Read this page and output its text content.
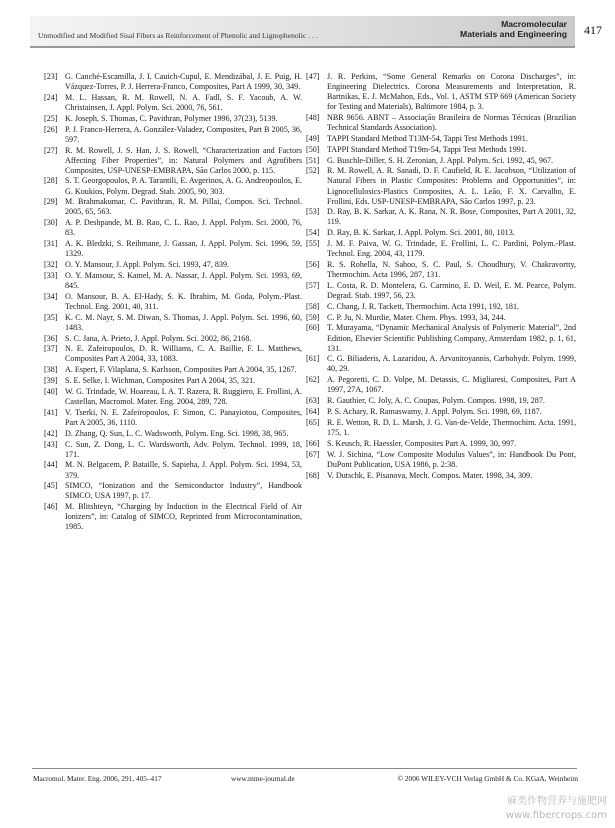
Unmodified and Modified Sisal Fibers as Reinforcement of Phenolic and Lignophenolic . . .
Macromolecular
Materials and Engineering 417
[23] G. Canché-Escamilla, J. I. Cauich-Cupul, E. Mendizábal, J. E. Puig, H. Vázquez-Torres, P. J. Herrera-Franco, Composites, Part A 1999, 30, 349.
[24] M. L. Hassan, R. M. Rowell, N. A. Fadl, S. F. Yacoub, A. W. Christainsen, J. Appl. Polym. Sci. 2000, 76, 561.
[25] K. Joseph, S. Thomas, C. Pavithran, Polymer 1996, 37(23), 5139.
[26] P. J. Franco-Herrera, A. González-Valadez, Composites, Part B 2005, 36, 597.
[27] R. M. Rowell, J. S. Han, J. S. Rowell, “Characterization and Factors Affecting Fiber Properties”, in: Natural Polymers and Agrofibers Composites, USP-UNESP-EMBRAPA, São Carlos 2000, p. 115.
[28] S. T. Georgopoulos, P. A. Tarantili, E. Avgerinos, A. G. Andreopoulos, E. G. Koukios, Polym. Degrad. Stab. 2005, 90, 303.
[29] M. Brahmakumar, C. Pavithran, R. M. Pillai, Compos. Sci. Technol. 2005, 65, 563.
[30] A. P. Deshpande, M. B. Rao, C. L. Rao, J. Appl. Polym. Sci. 2000, 76, 83.
[31] A. K. Bledzki, S. Reihmane, J. Gassan, J. Appl. Polym. Sci. 1996, 59, 1329.
[32] O. Y. Mansour, J. Appl. Polym. Sci. 1993, 47, 839.
[33] O. Y. Mansour, S. Kamel, M. A. Nassar, J. Appl. Polym. Sci. 1993, 69, 845.
[34] O. Mansour, B. A. El-Hady, S. K. Ibrahim, M. Goda, Polym.-Plast. Technol. Eng. 2001, 40, 311.
[35] K. C. M. Nayr, S. M. Diwan, S. Thomas, J. Appl. Polym. Sci. 1996, 60, 1483.
[36] S. C. Jana, A. Prieto, J. Appl. Polym. Sci. 2002, 86, 2168.
[37] N. E. Zafeiropoulos, D. R. Williams, C. A. Baillie, F. L. Matthews, Composites Part A 2004, 33, 1083.
[38] A. Espert, F. Vilaplana, S. Karlsson, Composites Part A 2004, 35, 1267.
[39] S. E. Selke, I. Wichman, Composites Part A 2004, 35, 321.
[40] W. G. Trindade, W. Hoareau, I. A. T. Razera, R. Ruggiero, E. Frollini, A. Castellan, Macromol. Mater. Eng. 2004, 289, 728.
[41] V. Tserki, N. E. Zafeiropoulos, F. Simon, C. Panayiotou, Composites, Part A 2005, 36, 1110.
[42] D. Zhang, Q. Sun, L. C. Wadsworth, Polym. Eng. Sci. 1998, 38, 965.
[43] C. Sun, Z. Dong, L. C. Wardsworth, Adv. Polym. Technol. 1999, 18, 171.
[44] M. N. Belgacem, P. Bataille, S. Sapieha, J. Appl. Polym. Sci. 1994, 53, 379.
[45] SIMCO, “Ionization and the Semiconductor Industry”, Handbook SIMCO, USA 1997, p. 17.
[46] M. Blitshteyn, “Charging by Induction in the Electrical Field of Air Ionizers”, in: Catalog of SIMCO, Reprinted from Microcontamination, 1985.
[47] J. R. Perkins, “Some General Remarks on Corona Discharges”, in: Engineering Dielectrics. Corona Measurements and Interpretation, R. Bartnikas, E. J. McMahon, Eds., Vol. 1, ASTM STP 669 (American Society for Testing and Materials), Baltimore 1984, p. 3.
[48] NBR 9656. ABNT – Associação Brasileira de Normas Técnicas (Brazilian Technical Standards Association).
[49] TAPPI Standard Method T13M-54, Tappi Test Methods 1991.
[50] TAPPI Standard Method T19m-54, Tappi Test Methods 1991.
[51] G. Buschle-Diller, S. H. Zeronian, J. Appl. Polym. Sci. 1992, 45, 967.
[52] R. M. Rowell, A. R. Sanadi, D. F. Caufield, R. E. Jacobson, “Utilization of Natural Fibers in Plastic Composites: Problems and Opportunities”, in: Lignocellulosics-Plastics Composites, A. L. Leão, F. X. Carvalho, E. Frollini, Eds. USP-UNESP-EMBRAPA, São Carlos 1997, p. 23.
[53] D. Ray, B. K. Sarkar, A. K. Rana, N. R. Bose, Composites, Part A 2001, 32, 119.
[54] D. Ray, B. K. Sarkar, J. Appl. Polym. Sci. 2001, 80, 1013.
[55] J. M. F. Paiva, W. G. Trindade, E. Frollini, L. C. Pardini, Polym.-Plast. Technol. Eng. 2004, 43, 1179.
[56] R. S. Rohella, N. Sahoo, S. C. Paul, S. Choudhury, V. Chakravortty, Thermochim. Acta 1996, 287, 131.
[57] L. Costa, R. D. Montelera, G. Carmino, E. D. Weil, E. M. Pearce, Polym. Degrad. Stab. 1997, 56, 23.
[58] C. Chang, J. R. Tackett, Thermochim. Acta 1991, 192, 181.
[59] C. P. Ju, N. Murdie, Mater. Chem. Phys. 1993, 34, 244.
[60] T. Murayama, “Dynamic Mechanical Analysis of Polymeric Material”, 2nd Edition, Elsevier Scientific Publishing Company, Amsterdam 1982, p. 1, 61, 131.
[61] C. G. Biliaderis, A. Lazaridou, A. Arvanitoyannis, Carbohydr. Polym. 1999, 40, 29.
[62] A. Pegoretti, C. D. Volpe, M. Detassis, C. Migliaresi, Composites, Part A 1997, 27A, 1067.
[63] R. Gauthier, C. Joly, A. C. Coupas, Polym. Compos. 1998, 19, 287.
[64] P. S. Achary, R. Ramaswamy, J. Appl. Polym. Sci. 1998, 69, 1187.
[65] R. E. Wetton, R. D. L. Marsh, J. G. Van-de-Velde, Thermochim. Acta. 1991, 175, 1.
[66] S. Keusch, R. Haessler, Composites Part A. 1999, 30, 997.
[67] W. J. Sichina, “Low Composite Modulus Values”, in: Handbook Du Pont, DuPont Publication, USA 1986, p. 2:38.
[68] V. Dutschk, E. Pisanova, Mech. Compos. Mater. 1998, 34, 309.
Macromol. Mater. Eng. 2006, 291, 405–417	www.mme-journal.de	© 2006 WILEY-VCH Verlag GmbH & Co. KGaA, Weinheim
麻类作物营养与施肥网
www.fibercrops.com
